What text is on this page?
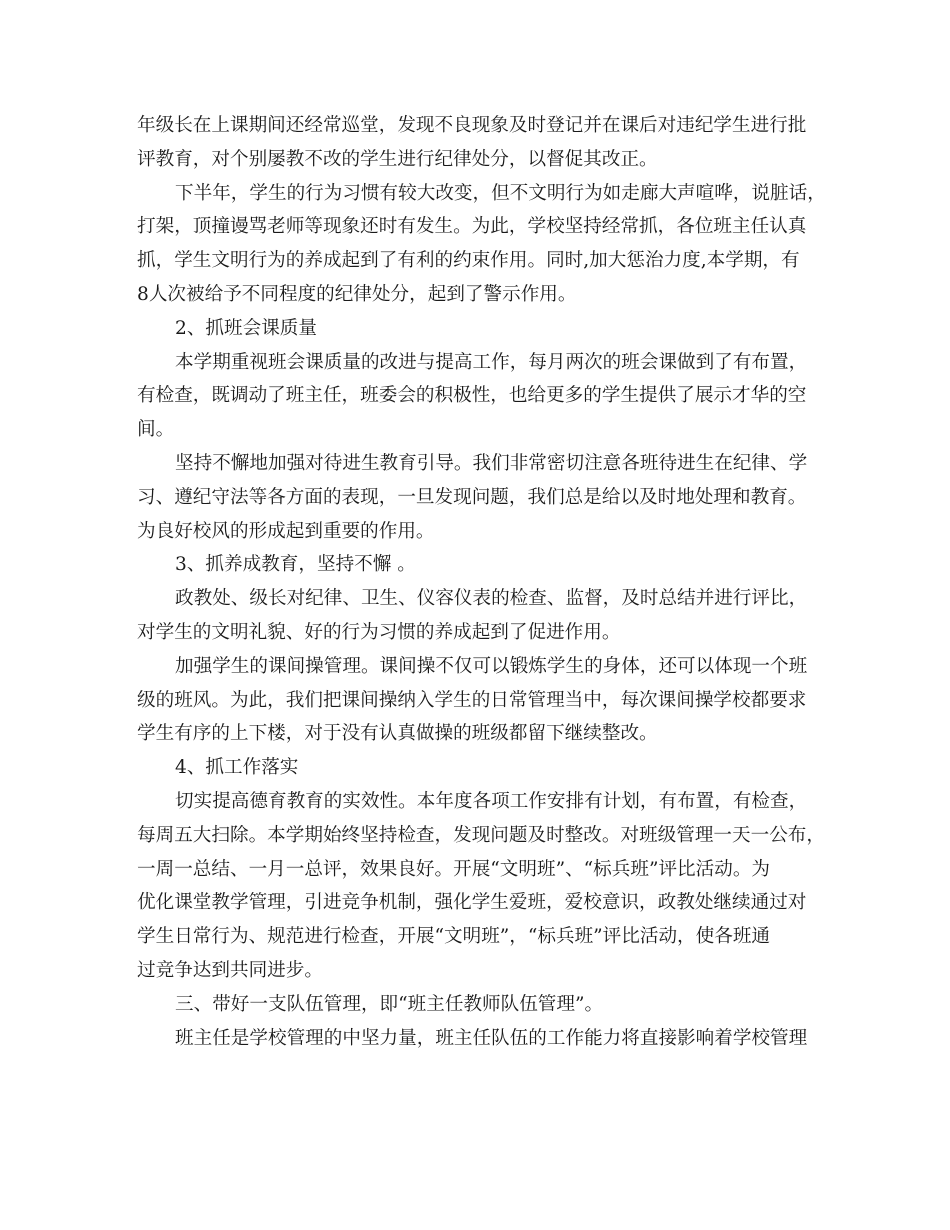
年级长在上课期间还经常巡堂，发现不良现象及时登记并在课后对违纪学生进行批
评教育，对个别屡教不改的学生进行纪律处分，以督促其改正。
下半年，学生的行为习惯有较大改变，但不文明行为如走廊大声喧哗，说脏话，
打架，顶撞谩骂老师等现象还时有发生。为此，学校坚持经常抓，各位班主任认真
抓，学生文明行为的养成起到了有利的约束作用。同时,加大惩治力度,本学期，有
8人次被给予不同程度的纪律处分，起到了警示作用。
2、抓班会课质量
本学期重视班会课质量的改进与提高工作，每月两次的班会课做到了有布置，
有检查，既调动了班主任，班委会的积极性，也给更多的学生提供了展示才华的空
间。
坚持不懈地加强对待进生教育引导。我们非常密切注意各班待进生在纪律、学
习、遵纪守法等各方面的表现，一旦发现问题，我们总是给以及时地处理和教育。
为良好校风的形成起到重要的作用。
3、抓养成教育，坚持不懈 。
政教处、级长对纪律、卫生、仪容仪表的检查、监督，及时总结并进行评比，
对学生的文明礼貌、好的行为习惯的养成起到了促进作用。
加强学生的课间操管理。课间操不仅可以锻炼学生的身体，还可以体现一个班
级的班风。为此，我们把课间操纳入学生的日常管理当中，每次课间操学校都要求
学生有序的上下楼，对于没有认真做操的班级都留下继续整改。
4、抓工作落实
切实提高德育教育的实效性。本年度各项工作安排有计划，有布置，有检查，
每周五大扫除。本学期始终坚持检查，发现问题及时整改。对班级管理一天一公布，
一周一总结、一月一总评，效果良好。开展“文明班”、“标兵班”评比活动。为
优化课堂教学管理，引进竞争机制，强化学生爱班，爱校意识，政教处继续通过对
学生日常行为、规范进行检查，开展“文明班”，“标兵班”评比活动，使各班通
过竞争达到共同进步。
三、带好一支队伍管理，即“班主任教师队伍管理”。
班主任是学校管理的中坚力量，班主任队伍的工作能力将直接影响着学校管理
